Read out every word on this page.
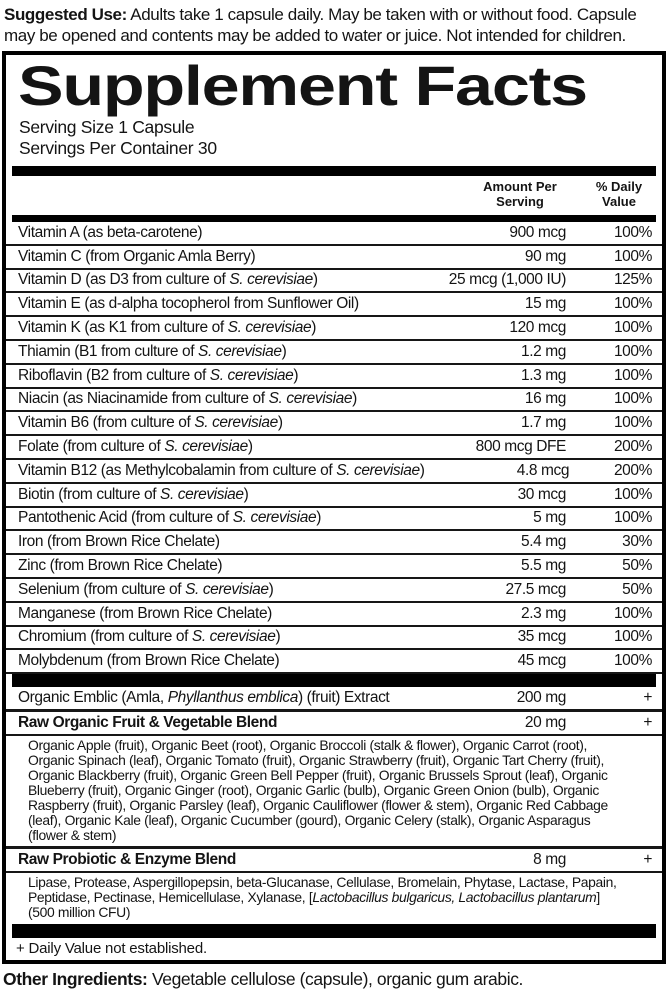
Suggested Use: Adults take 1 capsule daily. May be taken with or without food. Capsule may be opened and contents may be added to water or juice. Not intended for children.

Supplement Facts
Serving Size 1 Capsule
Servings Per Container 30
Amount Per
Serving
% Daily
Value
Vitamin A (as beta-carotene)	900 mcg	100%
Vitamin C (from Organic Amla Berry)	90 mg	100%
Vitamin D (as D3 from culture of S. cerevisiae)	25 mcg (1,000 IU)	125%
Vitamin E (as d-alpha tocopherol from Sunflower Oil)	15 mg	100%
Vitamin K (as K1 from culture of S. cerevisiae)	120 mcg	100%
Thiamin (B1 from culture of S. cerevisiae)	1.2 mg	100%
Riboflavin (B2 from culture of S. cerevisiae)	1.3 mg	100%
Niacin (as Niacinamide from culture of S. cerevisiae)	16 mg	100%
Vitamin B6 (from culture of S. cerevisiae)	1.7 mg	100%
Folate (from culture of S. cerevisiae)	800 mcg DFE	200%
Vitamin B12 (as Methylcobalamin from culture of S. cerevisiae)	4.8 mcg	200%
Biotin (from culture of S. cerevisiae)	30 mcg	100%
Pantothenic Acid (from culture of S. cerevisiae)	5 mg	100%
Iron (from Brown Rice Chelate)	5.4 mg	30%
Zinc (from Brown Rice Chelate)	5.5 mg	50%
Selenium (from culture of S. cerevisiae)	27.5 mcg	50%
Manganese (from Brown Rice Chelate)	2.3 mg	100%
Chromium (from culture of S. cerevisiae)	35 mcg	100%
Molybdenum (from Brown Rice Chelate)	45 mcg	100%
Organic Emblic (Amla, Phyllanthus emblica) (fruit) Extract	200 mg	+
Raw Organic Fruit & Vegetable Blend	20 mg	+
Organic Apple (fruit), Organic Beet (root), Organic Broccoli (stalk & flower), Organic Carrot (root), Organic Spinach (leaf), Organic Tomato (fruit), Organic Strawberry (fruit), Organic Tart Cherry (fruit), Organic Blackberry (fruit), Organic Green Bell Pepper (fruit), Organic Brussels Sprout (leaf), Organic Blueberry (fruit), Organic Ginger (root), Organic Garlic (bulb), Organic Green Onion (bulb), Organic Raspberry (fruit), Organic Parsley (leaf), Organic Cauliflower (flower & stem), Organic Red Cabbage (leaf), Organic Kale (leaf), Organic Cucumber (gourd), Organic Celery (stalk), Organic Asparagus (flower & stem)
Raw Probiotic & Enzyme Blend	8 mg	+
Lipase, Protease, Aspergillopepsin, beta-Glucanase, Cellulase, Bromelain, Phytase, Lactase, Papain, Peptidase, Pectinase, Hemicellulase, Xylanase, [Lactobacillus bulgaricus, Lactobacillus plantarum] (500 million CFU)

+ Daily Value not established.

Other Ingredients: Vegetable cellulose (capsule), organic gum arabic.
